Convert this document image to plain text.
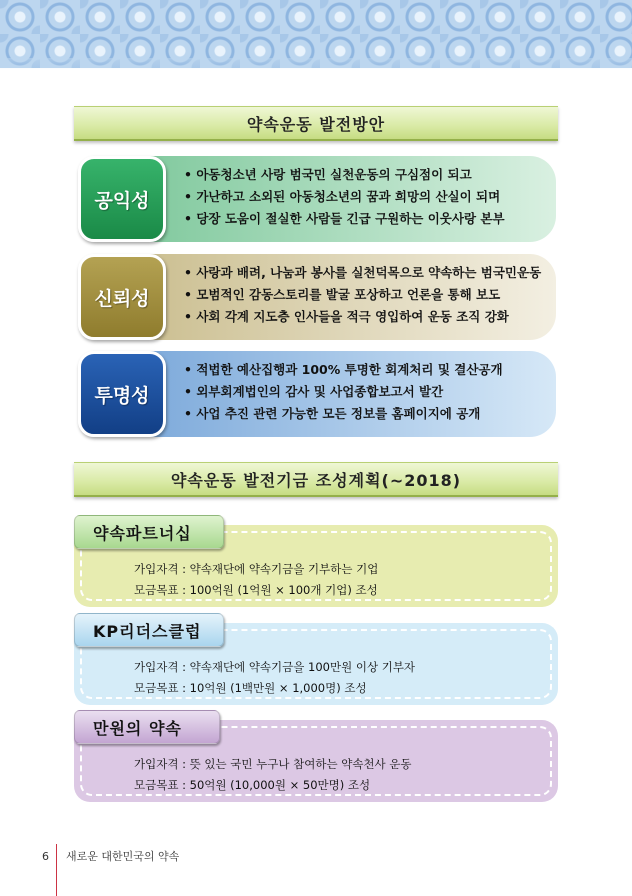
약속운동 발전방안
공익성
• 아동청소년 사랑 범국민 실천운동의 구심점이 되고
• 가난하고 소외된 아동청소년의 꿈과 희망의 산실이 되며
• 당장 도움이 절실한 사람들 긴급 구원하는 이웃사랑 본부
신뢰성
• 사랑과 배려, 나눔과 봉사를 실천덕목으로 약속하는 범국민운동
• 모범적인 감동스토리를 발굴 포상하고 언론을 통해 보도
• 사회 각계 지도층 인사들을 적극 영입하여 운동 조직 강화
투명성
• 적법한 예산집행과 100% 투명한 회계처리 및 결산공개
• 외부회계법인의 감사 및 사업종합보고서 발간
• 사업 추진 관련 가능한 모든 정보를 홈페이지에 공개
약속운동 발전기금 조성계획(~2018)
약속파트너십
가입자격 : 약속재단에 약속기금을 기부하는 기업
모금목표 : 100억원 (1억원 × 100개 기업) 조성
KP리더스클럽
가입자격 : 약속재단에 약속기금을 100만원 이상 기부자
모금목표 : 10억원 (1백만원 × 1,000명) 조성
만원의 약속
가입자격 : 뜻 있는 국민 누구나 참여하는 약속천사 운동
모금목표 : 50억원 (10,000원 × 50만명) 조성
6	새로운 대한민국의 약속
